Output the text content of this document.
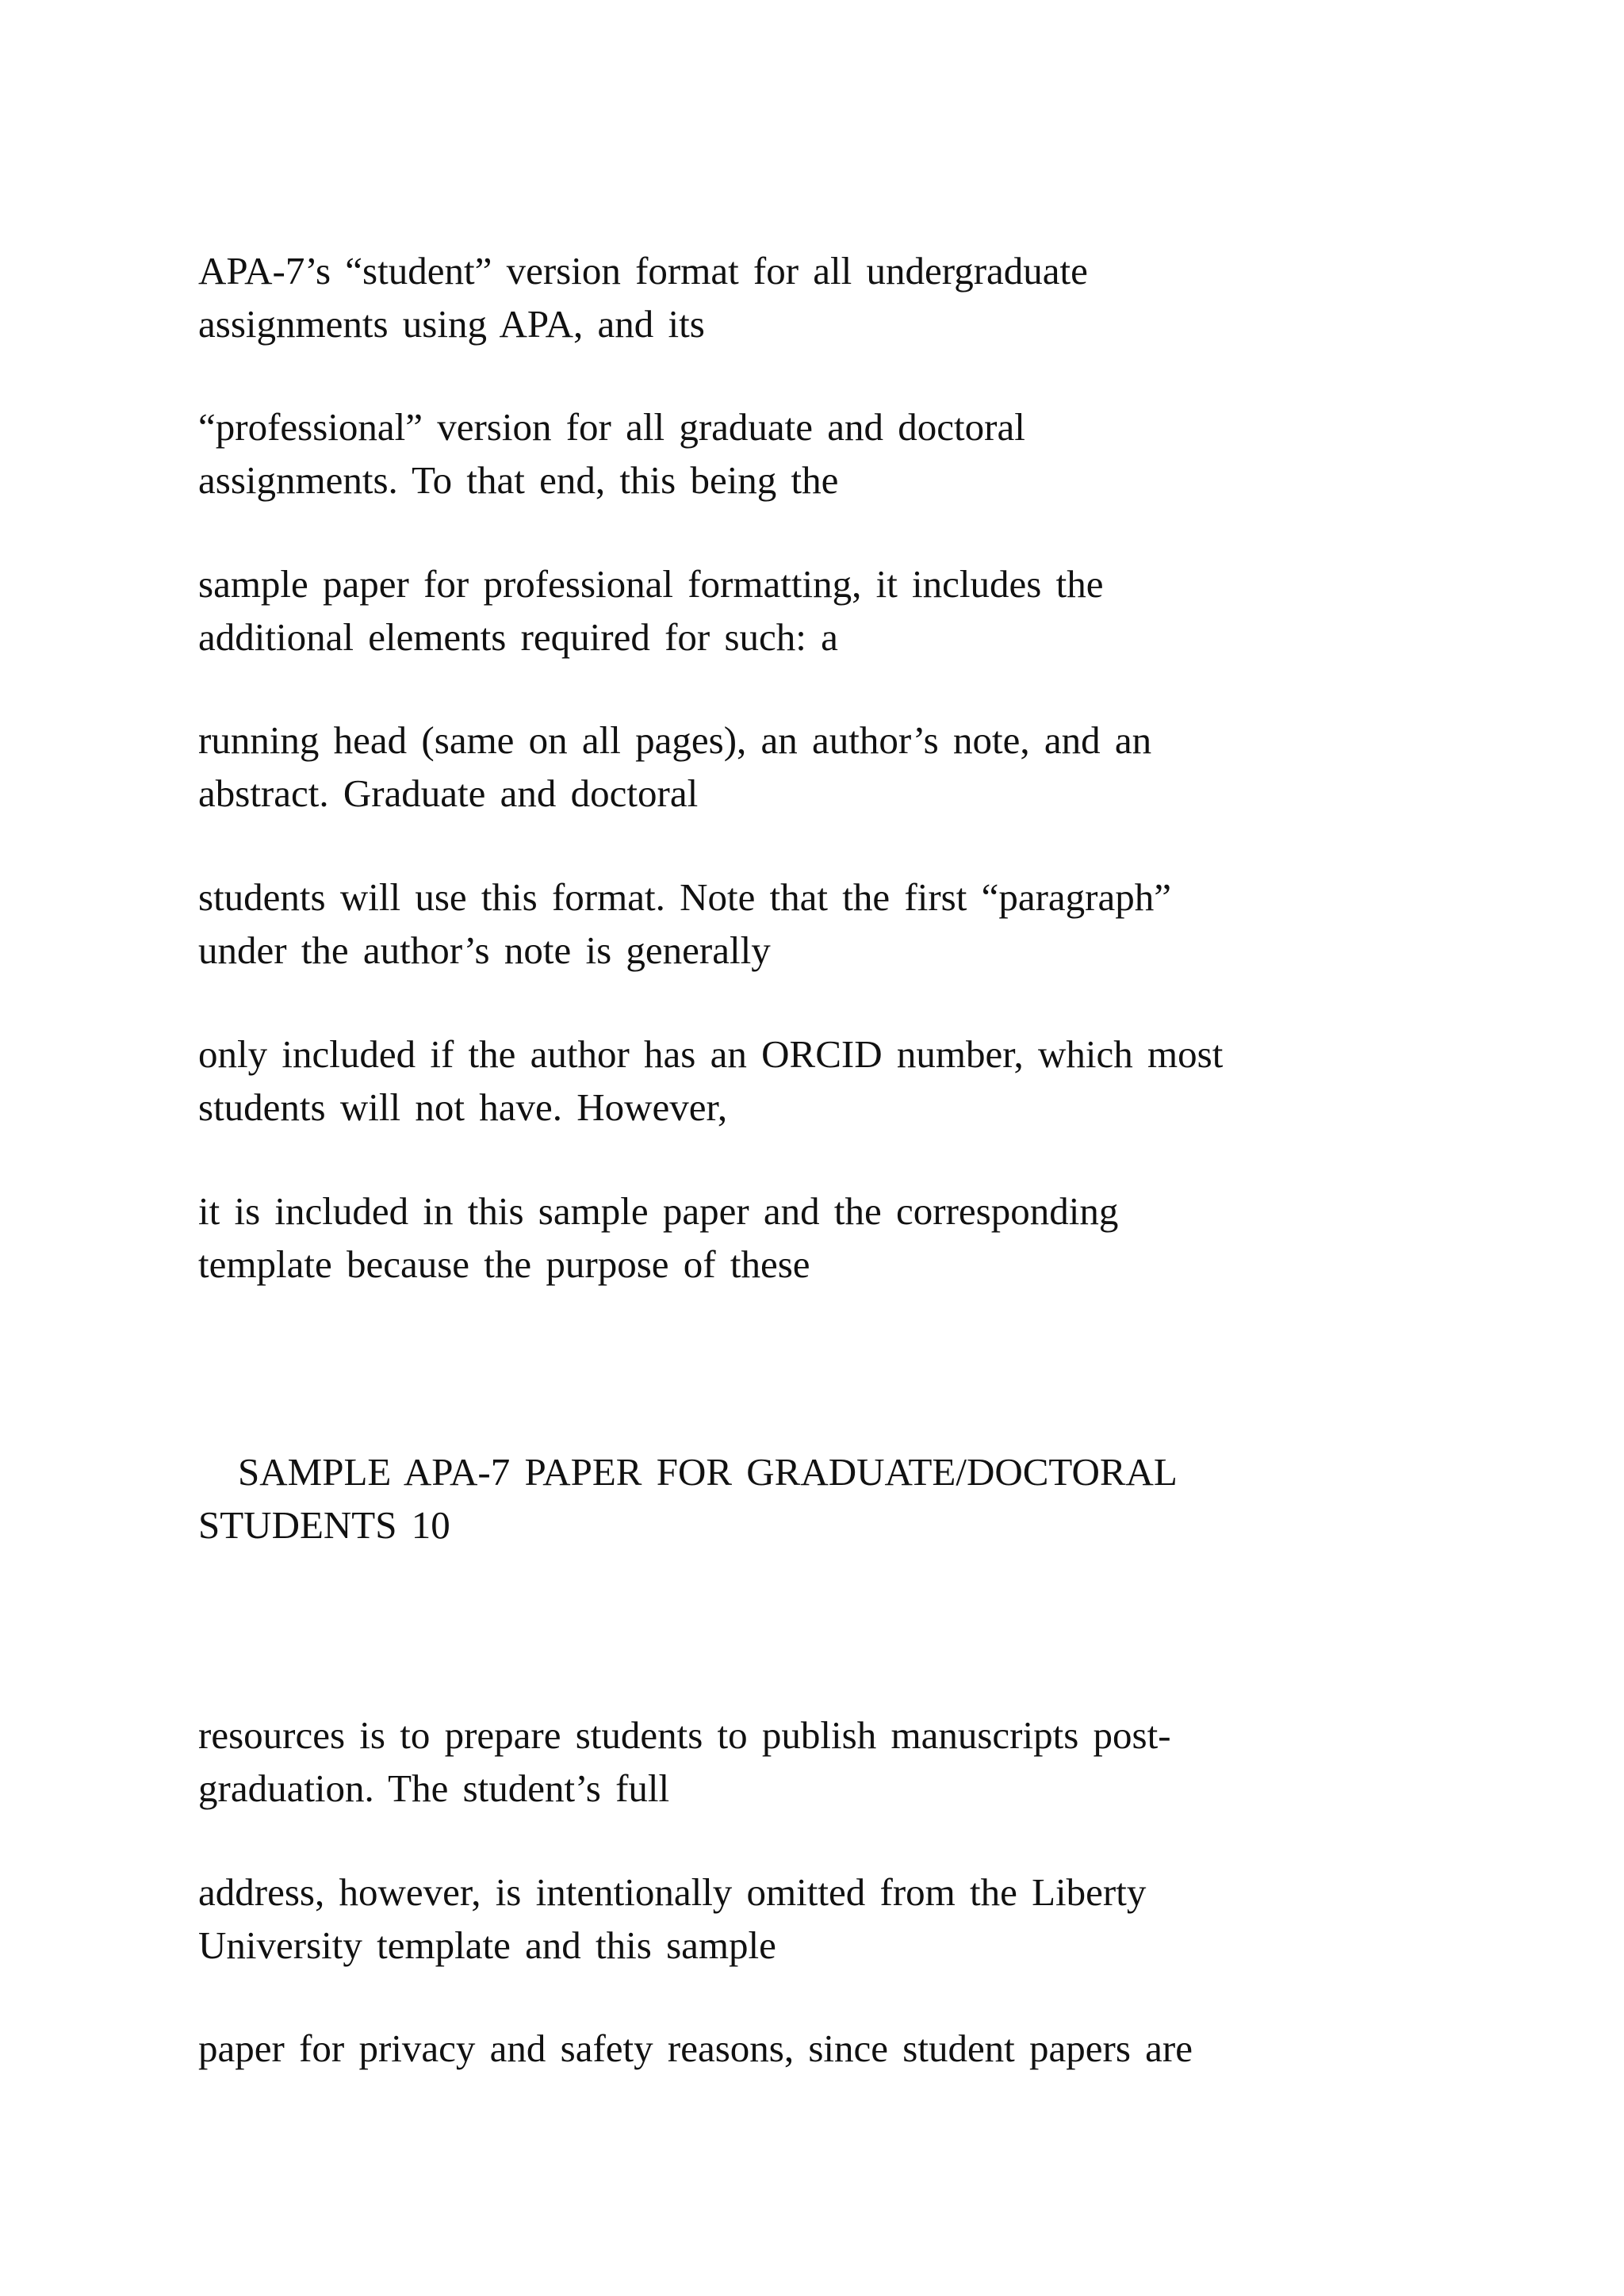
APA-7’s “student” version format for all undergraduate
assignments using APA, and its
“professional” version for all graduate and doctoral
assignments. To that end, this being the
sample paper for professional formatting, it includes the
additional elements required for such: a
running head (same on all pages), an author’s note, and an
abstract. Graduate and doctoral
students will use this format. Note that the first “paragraph”
under the author’s note is generally
only included if the author has an ORCID number, which most
students will not have. However,
it is included in this sample paper and the corresponding
template because the purpose of these
SAMPLE APA-7 PAPER FOR GRADUATE/DOCTORAL
STUDENTS 10
resources is to prepare students to publish manuscripts post-
graduation. The student’s full
address, however, is intentionally omitted from the Liberty
University template and this sample
paper for privacy and safety reasons, since student papers are
